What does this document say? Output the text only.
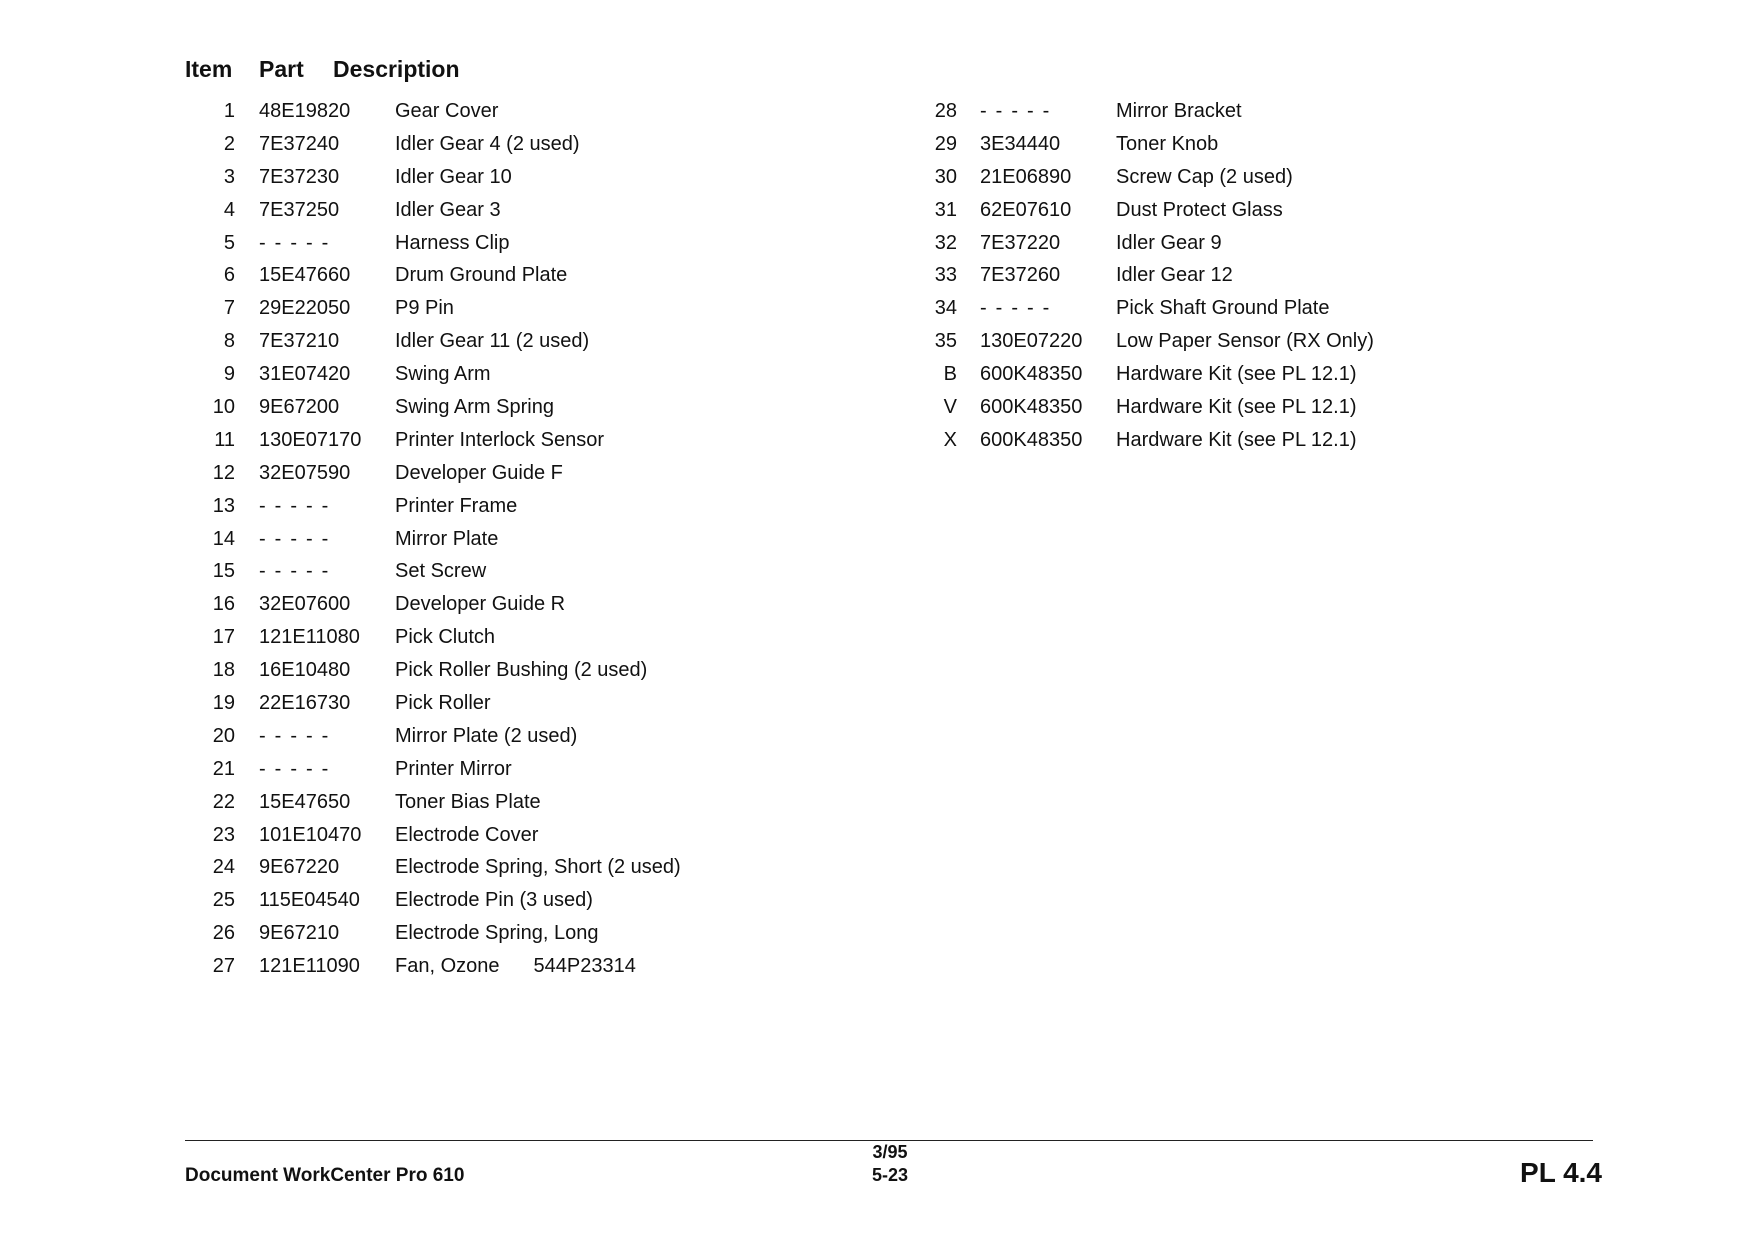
Item Part Description
1 48E19820 Gear Cover
2 7E37240	Idler Gear 4 (2 used)
3 7E37230	Idler Gear 10
4 7E37250	Idler Gear 3
5 -----	Harness Clip
6 15E47660 Drum Ground Plate
7 29E22050 P9 Pin
8 7E37210	Idler Gear 11 (2 used)
9 31E07420 Swing Arm
10 9E67200	Swing Arm Spring
11 130E07170 Printer Interlock Sensor
12 32E07590 Developer Guide F
13 -----	Printer Frame
14 -----	Mirror Plate
15 -----	Set Screw
16 32E07600 Developer Guide R
17 121E11080 Pick Clutch
18 16E10480 Pick Roller Bushing (2 used)
19 22E16730 Pick Roller
20 -----	Mirror Plate (2 used)
21 -----	Printer Mirror
22 15E47650 Toner Bias Plate
23 101E10470 Electrode Cover
24 9E67220	Electrode Spring, Short (2 used)
25 115E04540 Electrode Pin (3 used)
26 9E67210	Electrode Spring, Long
27 121E11090 Fan, Ozone 544P23314
28 -----	Mirror Bracket
29 3E34440	Toner Knob
30 21E06890 Screw Cap (2 used)
31 62E07610 Dust Protect Glass
32 7E37220	Idler Gear 9
33 7E37260	Idler Gear 12
34 -----	Pick Shaft Ground Plate
35 130E07220 Low Paper Sensor (RX Only)
B 600K48350 Hardware Kit (see PL 12.1)
V 600K48350 Hardware Kit (see PL 12.1)
X 600K48350 Hardware Kit (see PL 12.1)
Document WorkCenter Pro 610
3/95
5-23	PL 4.4
